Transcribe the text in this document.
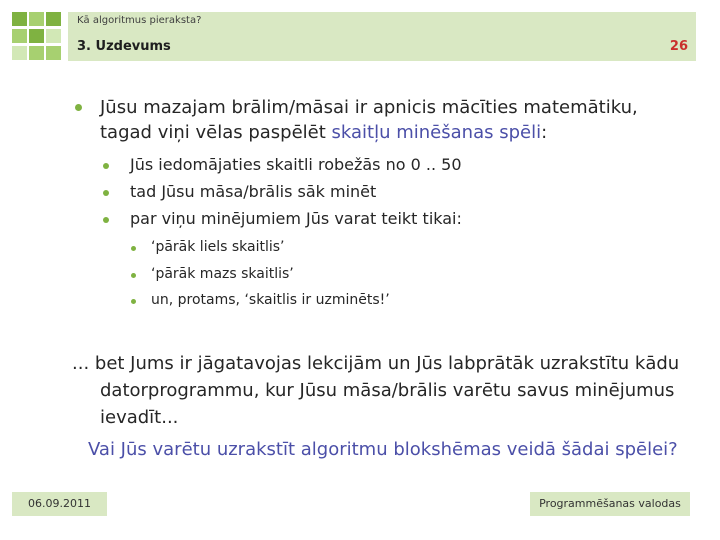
Kā algoritmus pieraksta?
3. Uzdevums	26
Jūsu mazajam brālim/māsai ir apnicis mācīties matemātiku,
tagad viņi vēlas paspēlēt skaitļu minēšanas spēli:
Jūs iedomājaties skaitli robežās no 0 .. 50
tad Jūsu māsa/brālis sāk minēt
par viņu minējumiem Jūs varat teikt tikai:
‘pārāk liels skaitlis’
‘pārāk mazs skaitlis’
un, protams, ‘skaitlis ir uzminēts!’
... bet Jums ir jāgatavojas lekcijām un Jūs labprātāk uzrakstītu kādu
datorprogrammu, kur Jūsu māsa/brālis varētu savus minējumus
ievadīt...
Vai Jūs varētu uzrakstīt algoritmu blokshēmas veidā šādai spēlei?
06.09.2011	Programmēšanas valodas
